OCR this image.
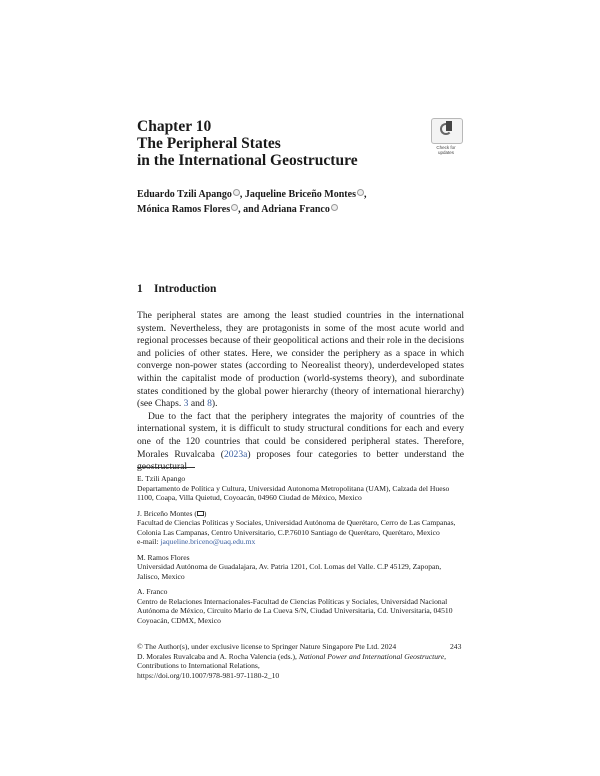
Chapter 10
The Peripheral States
in the International Geostructure
Check for updates
Eduardo Tzili Apango , Jaqueline Briceño Montes ,
Mónica Ramos Flores , and Adriana Franco
1 Introduction

The peripheral states are among the least studied countries in the international system. Nevertheless, they are protagonists in some of the most acute world and regional processes because of their geopolitical actions and their role in the decisions and policies of other states. Here, we consider the periphery as a space in which converge non-power states (according to Neorealist theory), underdeveloped states within the capitalist mode of production (world-systems theory), and subordinate states conditioned by the global power hierarchy (theory of international hierarchy) (see Chaps. 3 and 8).

Due to the fact that the periphery integrates the majority of countries of the international system, it is difficult to study structural conditions for each and every one of the 120 countries that could be considered peripheral states. Therefore, Morales Ruvalcaba (2023a) proposes four categories to better understand the geostructural

E. Tzili Apango
Departamento de Política y Cultura, Universidad Autonoma Metropolitana (UAM), Calzada del Hueso 1100, Coapa, Villa Quietud, Coyoacán, 04960 Ciudad de México, Mexico
J. Briceño Montes ( )
Facultad de Ciencias Políticas y Sociales, Universidad Autónoma de Querétaro, Cerro de Las Campanas, Colonia Las Campanas, Centro Universitario, C.P.76010 Santiago de Querétaro, Querétaro, Mexico
e-mail: jaqueline.briceno@uaq.edu.mx
M. Ramos Flores
Universidad Autónoma de Guadalajara, Av. Patria 1201, Col. Lomas del Valle. C.P 45129, Zapopan, Jalisco, Mexico
A. Franco
Centro de Relaciones Internacionales-Facultad de Ciencias Políticas y Sociales, Universidad Nacional Autónoma de México, Circuito Mario de La Cueva S/N, Ciudad Universitaria, Cd. Universitaria, 04510 Coyoacán, CDMX, Mexico
© The Author(s), under exclusive license to Springer Nature Singapore Pte Ltd. 2024
D. Morales Ruvalcaba and A. Rocha Valencia (eds.), National Power and International Geostructure, Contributions to International Relations,
https://doi.org/10.1007/978-981-97-1180-2_10
243
